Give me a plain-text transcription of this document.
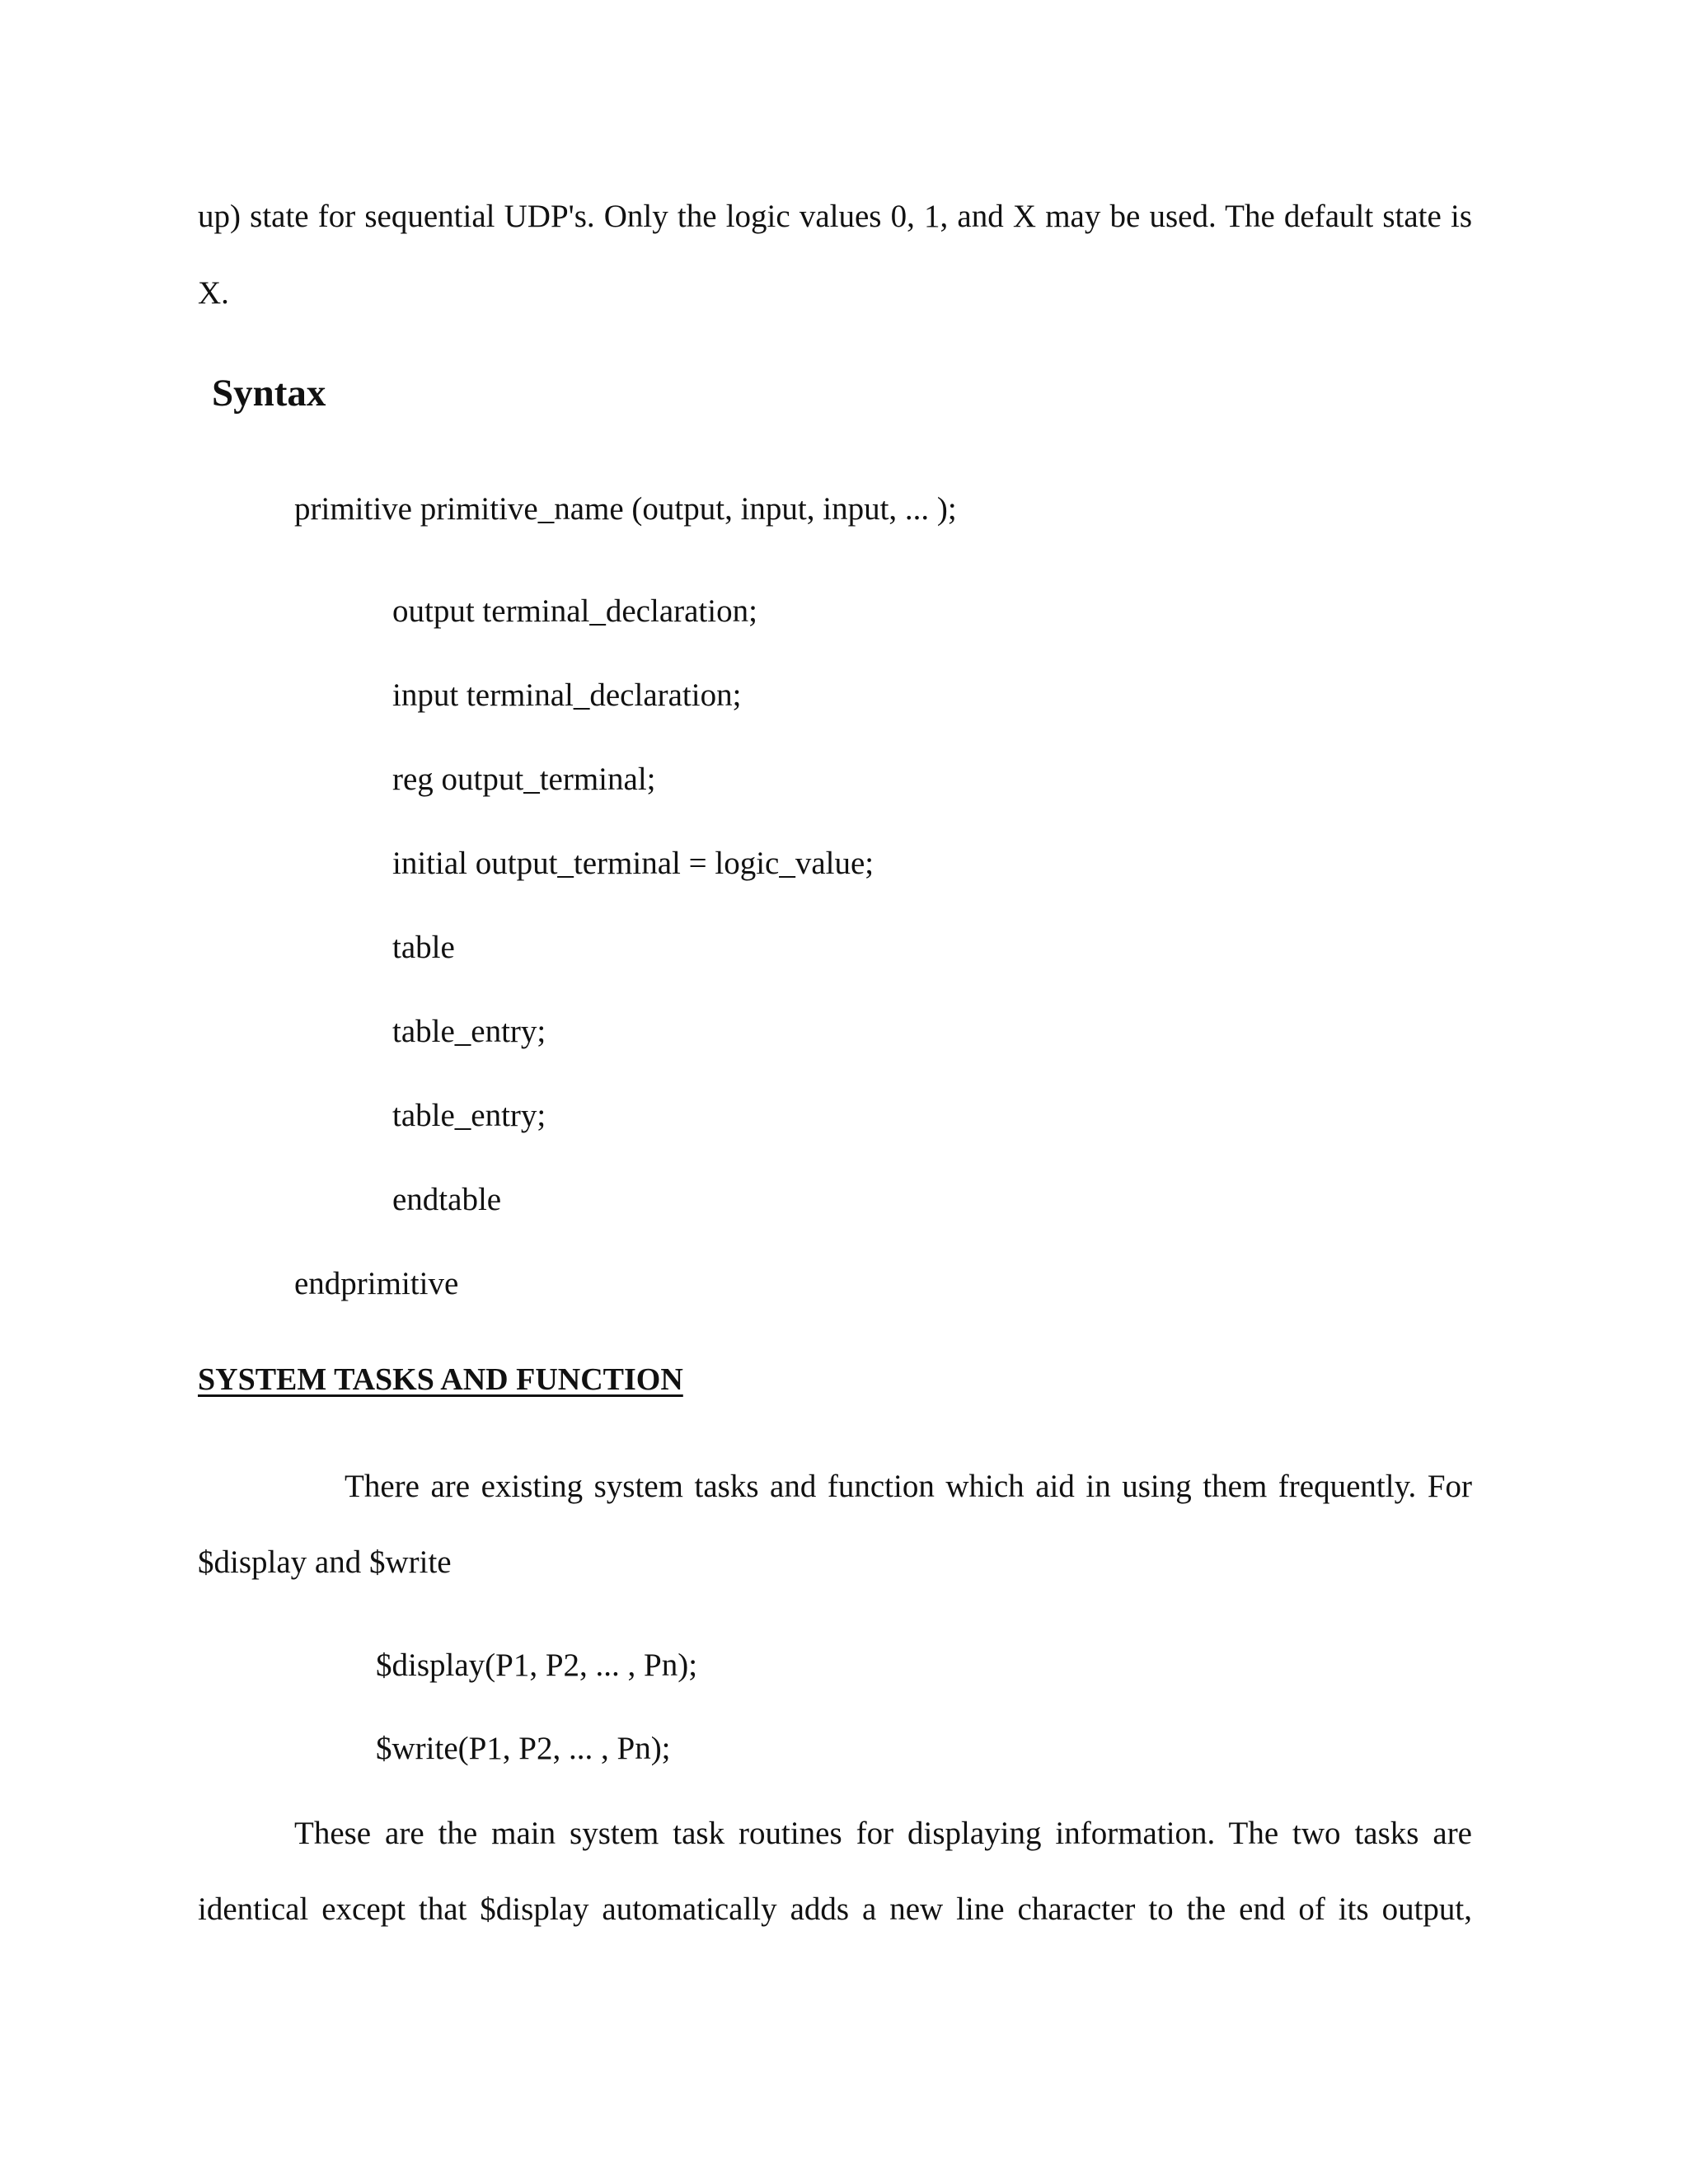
up) state for sequential UDP's. Only the logic values 0, 1, and X may be used. The default state is
X.
Syntax
primitive primitive_name (output, input, input, ... );
output terminal_declaration;
input terminal_declaration;
reg output_terminal;
initial output_terminal = logic_value;
table
table_entry;
table_entry;
endtable
endprimitive
SYSTEM TASKS AND FUNCTION
There are existing system tasks and function which aid in using them frequently. For
$display and $write
$display(P1, P2, ... , Pn);
$write(P1, P2, ... , Pn);
These are the main system task routines for displaying information. The two tasks are
identical except that $display automatically adds a new line character to the end of its output,
